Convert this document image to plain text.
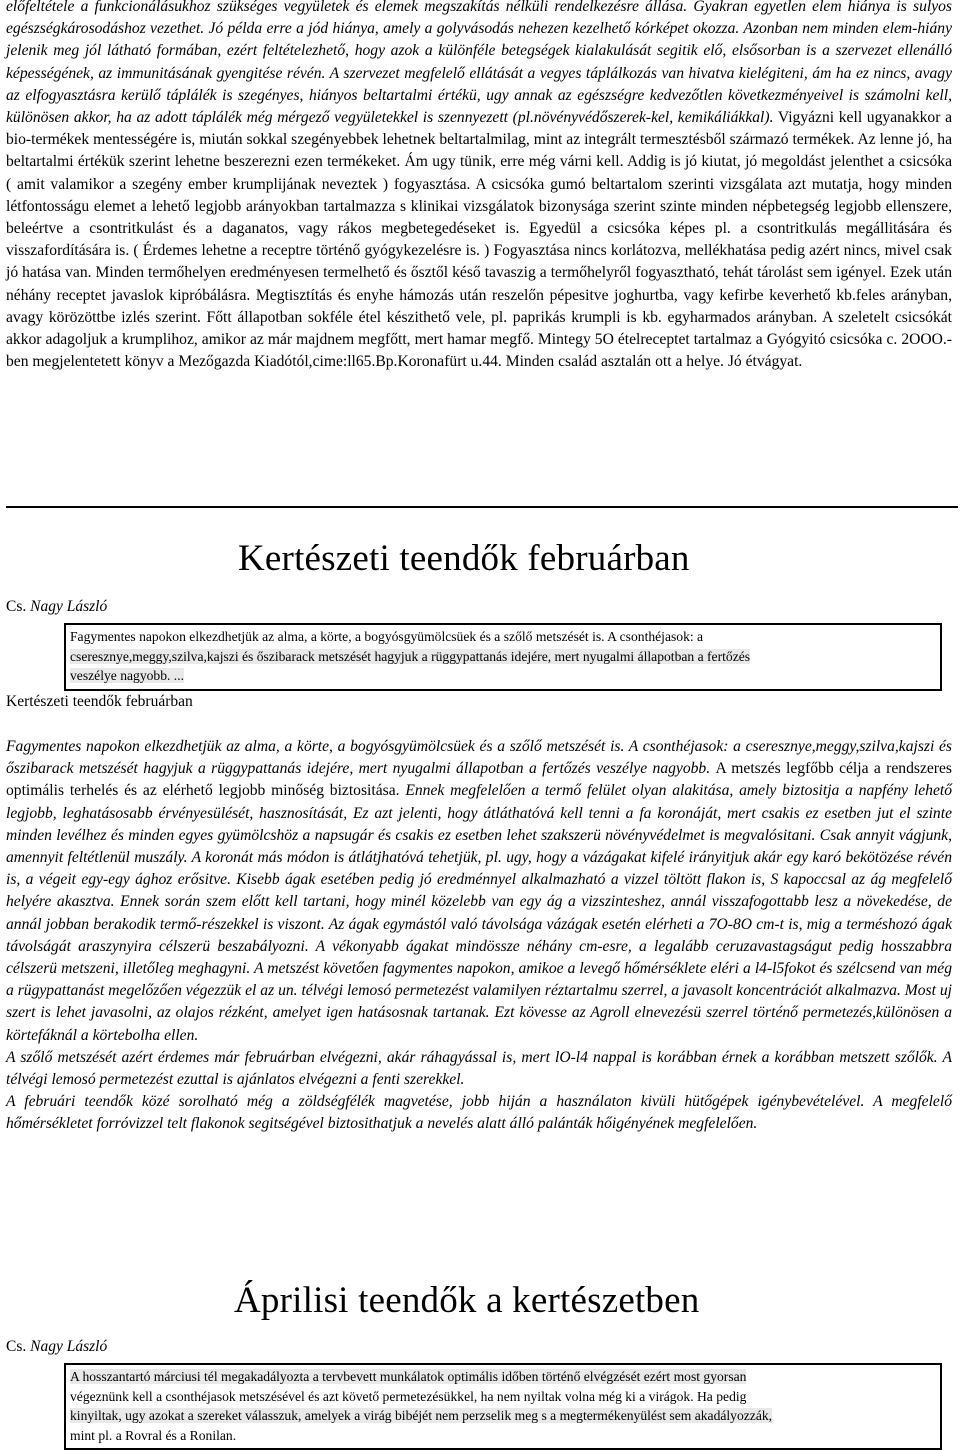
előfeltétele a funkcionálásukhoz szükséges vegyületek és elemek megszakítás nélküli rendelkezésre állása. Gyakran egyetlen elem hiánya is sulyos egészségkárosodáshoz vezethet. Jó példa erre a jód hiánya, amely a golyvásodás nehezen kezelhető kórképet okozza. Azonban nem minden elem-hiány jelenik meg jól látható formában, ezért feltételezhető, hogy azok a különféle betegségek kialakulását segitik elő, elsősorban is a szervezet ellenálló képességének, az immunitásának gyengitése révén. A szervezet megfelelő ellátását a vegyes táplálkozás van hivatva kielégiteni, ám ha ez nincs, avagy az elfogyasztásra kerülő táplálék is szegényes, hiányos beltartalmi értékü, ugy annak az egészségre kedvezőtlen következményeivel is számolni kell, különösen akkor, ha az adott táplálék még mérgező vegyületekkel is szennyezett (pl.növényvédőszerek-kel, kemikáliákkal). Vigyázni kell ugyanakkor a bio-termékek mentességére is, miután sokkal szegényebbek lehetnek beltartalmilag, mint az integrált termesztésből származó termékek. Az lenne jó, ha beltartalmi értékük szerint lehetne beszerezni ezen termékeket. Ám ugy tünik, erre még várni kell. Addig is jó kiutat, jó megoldást jelenthet a csicsóka ( amit valamikor a szegény ember krumplijának neveztek ) fogyasztása. A csicsóka gumó beltartalom szerinti vizsgálata azt mutatja, hogy minden létfontosságu elemet a lehető legjobb arányokban tartalmazza s klinikai vizsgálatok bizonysága szerint szinte minden népbetegség legjobb ellenszere, beleértve a csontritkulást és a daganatos, vagy rákos megbetegedéseket is. Egyedül a csicsóka képes pl. a csontritkulás megállitására és visszafordítására is. ( Érdemes lehetne a receptre történő gyógykezelésre is. ) Fogyasztása nincs korlátozva, mellékhatása pedig azért nincs, mivel csak jó hatása van. Minden termőhelyen eredményesen termelhető és ősztől késő tavaszig a termőhelyről fogyasztható, tehát tárolást sem igényel. Ezek után néhány receptet javaslok kipróbálásra. Megtisztítás és enyhe hámozás után reszelőn pépesitve joghurtba, vagy kefirbe keverhető kb.feles arányban, avagy körözöttbe izlés szerint. Főtt állapotban sokféle étel készithető vele, pl. paprikás krumpli is kb. egyharmados arányban. A szeletelt csicsókát akkor adagoljuk a krumplihoz, amikor az már majdnem megfőtt, mert hamar megfő. Mintegy 5O ételreceptet tartalmaz a Gyógyitó csicsóka c. 2OOO.-ben megjelentetett könyv a Mezőgazda Kiadótól,cime:ll65.Bp.Koronafürt u.44. Minden család asztalán ott a helye. Jó étvágyat.

Kertészeti teendők februárban
Cs. Nagy László
Fagymentes napokon elkezdhetjük az alma, a körte, a bogyósgyümölcsüek és a szőlő metszését is. A csonthéjasok: a
cseresznye,meggy,szilva,kajszi és őszibarack metszését hagyjuk a rüggypattanás idejére, mert nyugalmi állapotban a fertőzés
veszélye nagyobb. ...
Kertészeti teendők februárban

Fagymentes napokon elkezdhetjük az alma, a körte, a bogyósgyümölcsüek és a szőlő metszését is. A csonthéjasok: a cseresznye,meggy,szilva,kajszi és őszibarack metszését hagyjuk a rüggypattanás idejére, mert nyugalmi állapotban a fertőzés veszélye nagyobb. A metszés legfőbb célja a rendszeres optimális terhelés és az elérhető legjobb minőség biztositása. Ennek megfelelően a termő felület olyan alakitása, amely biztositja a napfény lehető legjobb, leghatásosabb érvényesülését, hasznosítását, Ez azt jelenti, hogy átláthatóvá kell tenni a fa koronáját, mert csakis ez esetben jut el szinte minden levélhez és minden egyes gyümölcshöz a napsugár és csakis ez esetben lehet szakszerü növényvédelmet is megvalósitani. Csak annyit vágjunk, amennyit feltétlenül muszály. A koronát más módon is átlátjhatóvá tehetjük, pl. ugy, hogy a vázágakat kifelé irányitjuk akár egy karó bekötözése révén is, a végeit egy-egy ághoz erősitve. Kisebb ágak esetében pedig jó eredménnyel alkalmazható a vizzel töltött flakon is, S kapoccsal az ág megfelelő helyére akasztva. Ennek során szem előtt kell tartani, hogy minél közelebb van egy ág a vizszinteshez, annál visszafogottabb lesz a növekedése, de annál jobban berakodik termő-részekkel is viszont. Az ágak egymástól való távolsága vázágak esetén elérheti a 7O-8O cm-t is, mig a terméshozó ágak távolságát araszynyira célszerü beszabályozni. A vékonyabb ágakat mindössze néhány cm-esre, a legalább ceruzavastagságut pedig hosszabbra célszerü metszeni, illetőleg meghagyni. A metszést követően fagymentes napokon, amikoe a levegő hőmérséklete eléri a l4-l5fokot és szélcsend van még a rügypattanást megelőzően végezzük el az un. télvégi lemosó permetezést valamilyen réztartalmu szerrel, a javasolt koncentrációt alkalmazva. Most uj szert is lehet javasolni, az olajos rézként, amelyet igen hatásosnak tartanak. Ezt kövesse az Agroll elnevezésü szerrel történő permetezés,különösen a körtefáknál a körtebolha ellen.

A szőlő metszését azért érdemes már februárban elvégezni, akár ráhagyással is, mert lO-l4 nappal is korábban érnek a korábban metszett szőlők. A télvégi lemosó permetezést ezuttal is ajánlatos elvégezni a fenti szerekkel.

A februári teendők közé sorolható még a zöldségfélék magvetése, jobb hiján a használaton kivüli hütőgépek igénybevételével. A megfelelő hőmérsékletet forróvizzel telt flakonok segitségével biztosithatjuk a nevelés alatt álló palánták hőigényének megfelelően.

Áprilisi teendők a kertészetben
Cs. Nagy László
A hosszantartó márciusi tél megakadályozta a tervbevett munkálatok optimális időben történő elvégzését ezért most gyorsan
végeznünk kell a csonthéjasok metszésével és azt követő permetezésükkel, ha nem nyiltak volna még ki a virágok. Ha pedig
kinyiltak, ugy azokat a szereket válasszuk, amelyek a virág bibéjét nem perzselik meg s a megtermékenyülést sem akadályozzák,
mint pl. a Rovral és a Ronilan.
